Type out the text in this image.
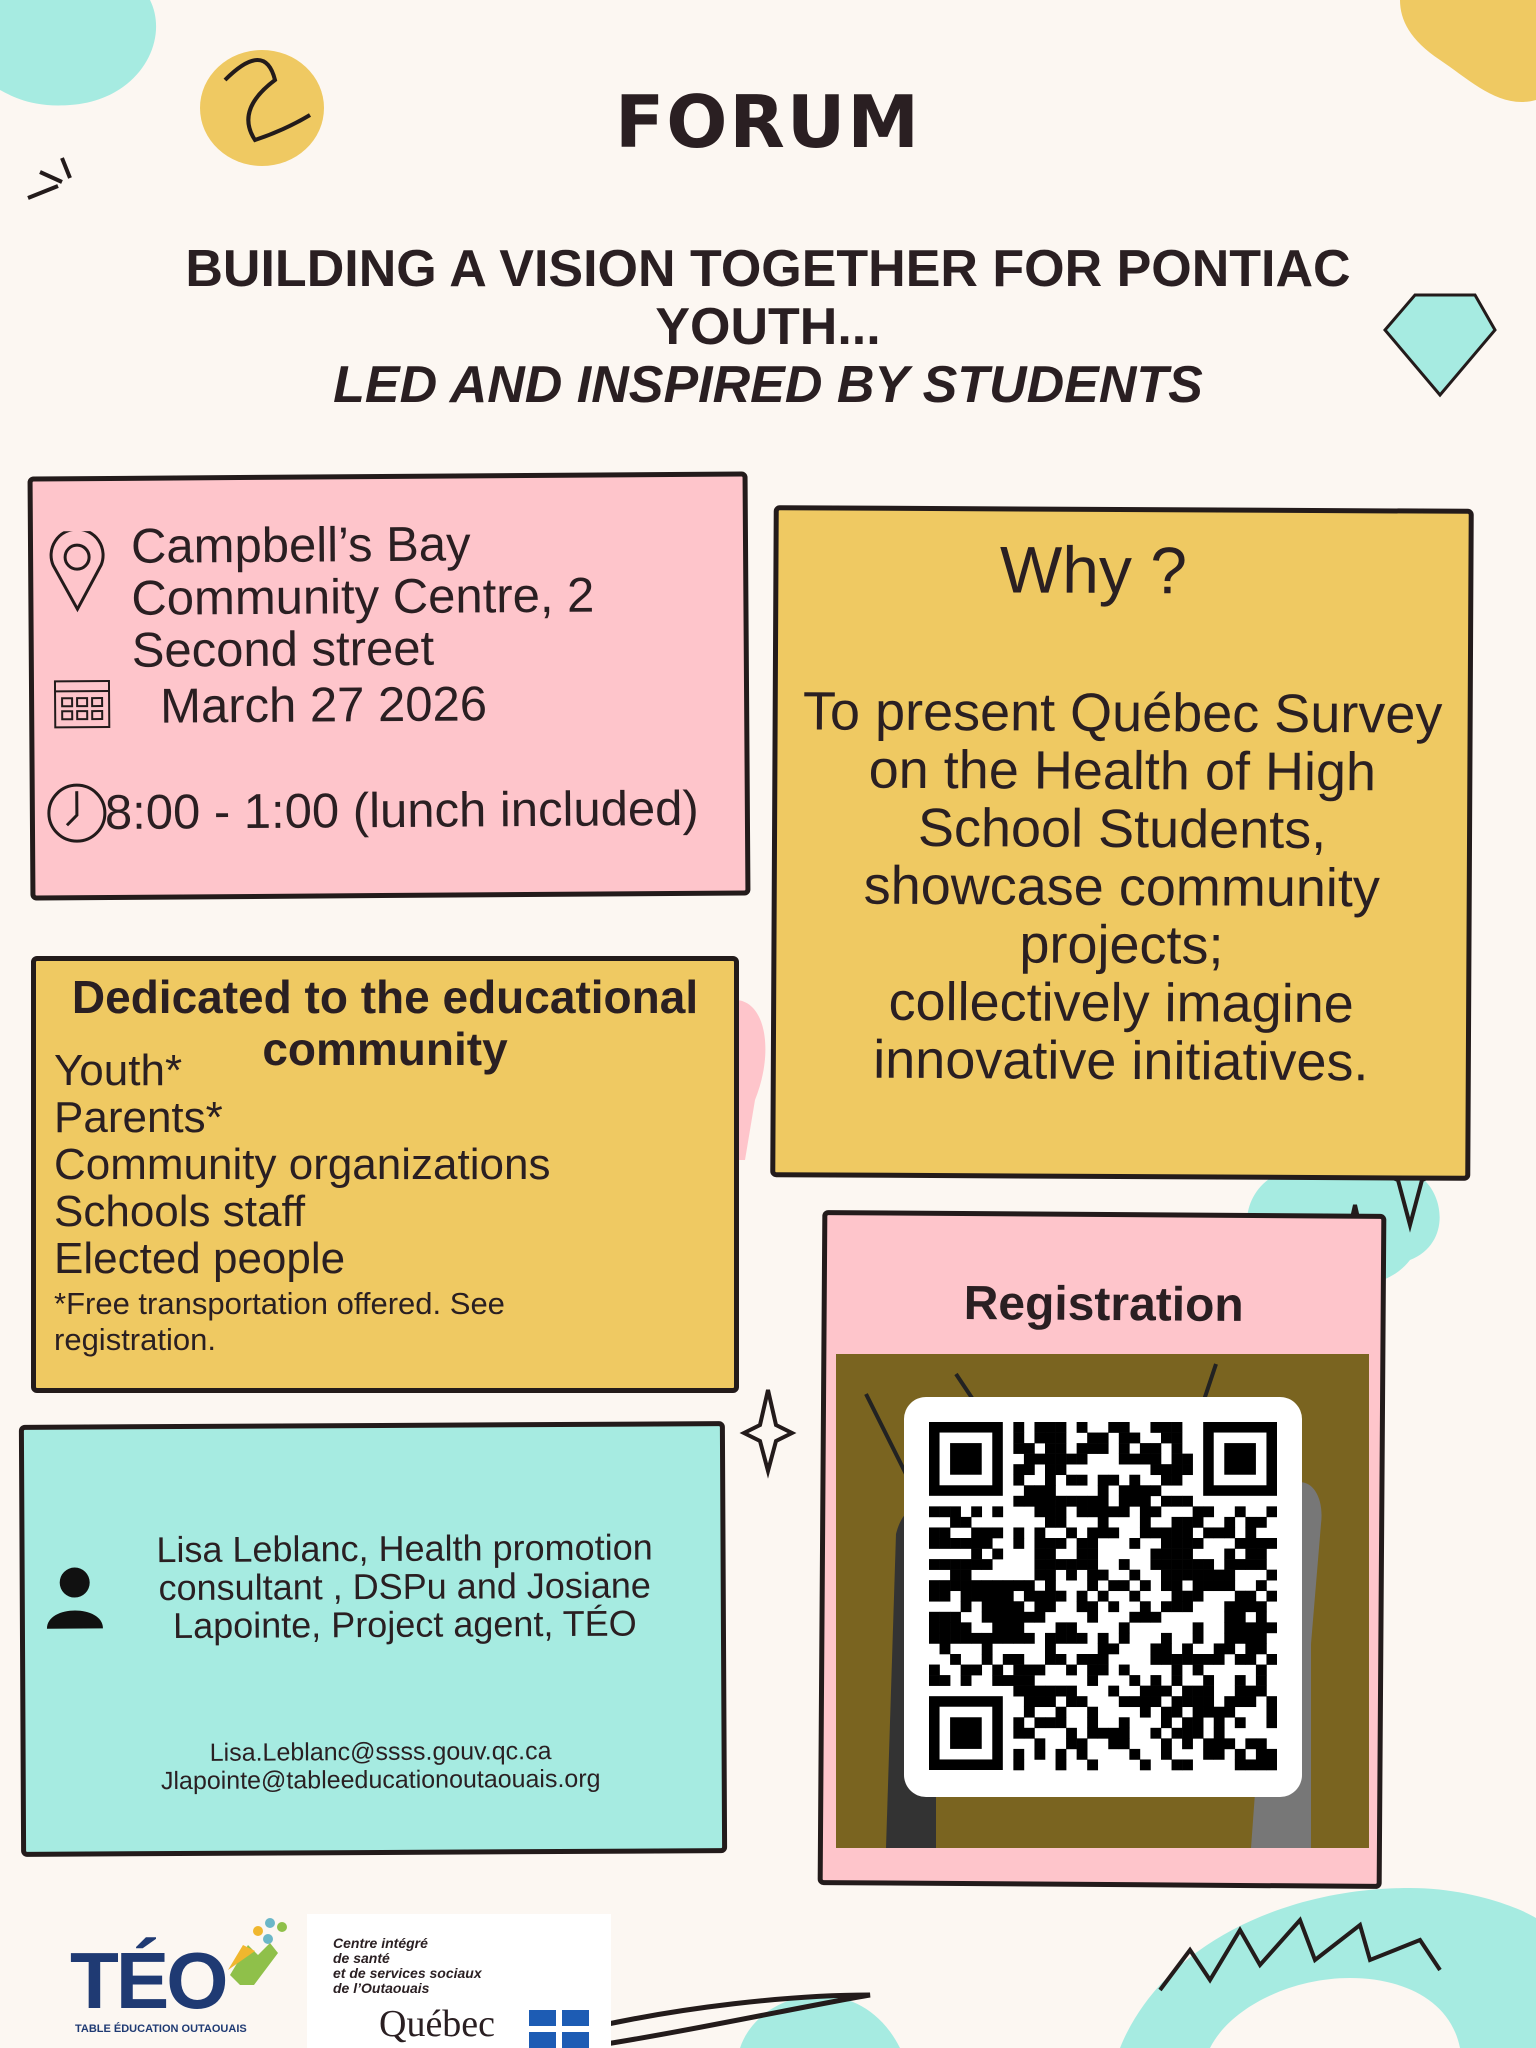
FORUM
BUILDING A VISION TOGETHER FOR PONTIAC
YOUTH...
LED AND INSPIRED BY STUDENTS
Campbell’s Bay
Community Centre, 2
Second street
March 27 2026
8:00 - 1:00 (lunch included)
Why ?
To present Québec Survey
on the Health of High
School Students,
showcase community
projects;
collectively imagine
innovative initiatives.
Dedicated to the educational
community
Youth*
Parents*
Community organizations
Schools staff
Elected people
*Free transportation offered. See
registration.
Lisa Leblanc, Health promotion
consultant , DSPu and Josiane
Lapointe, Project agent, TÉO
Lisa.Leblanc@ssss.gouv.qc.ca
Jlapointe@tableeducationoutaouais.org
Registration
TÉO
TABLE ÉDUCATION OUTAOUAIS
Centre intégré
de santé
et de services sociaux
de l’Outaouais
Québec
